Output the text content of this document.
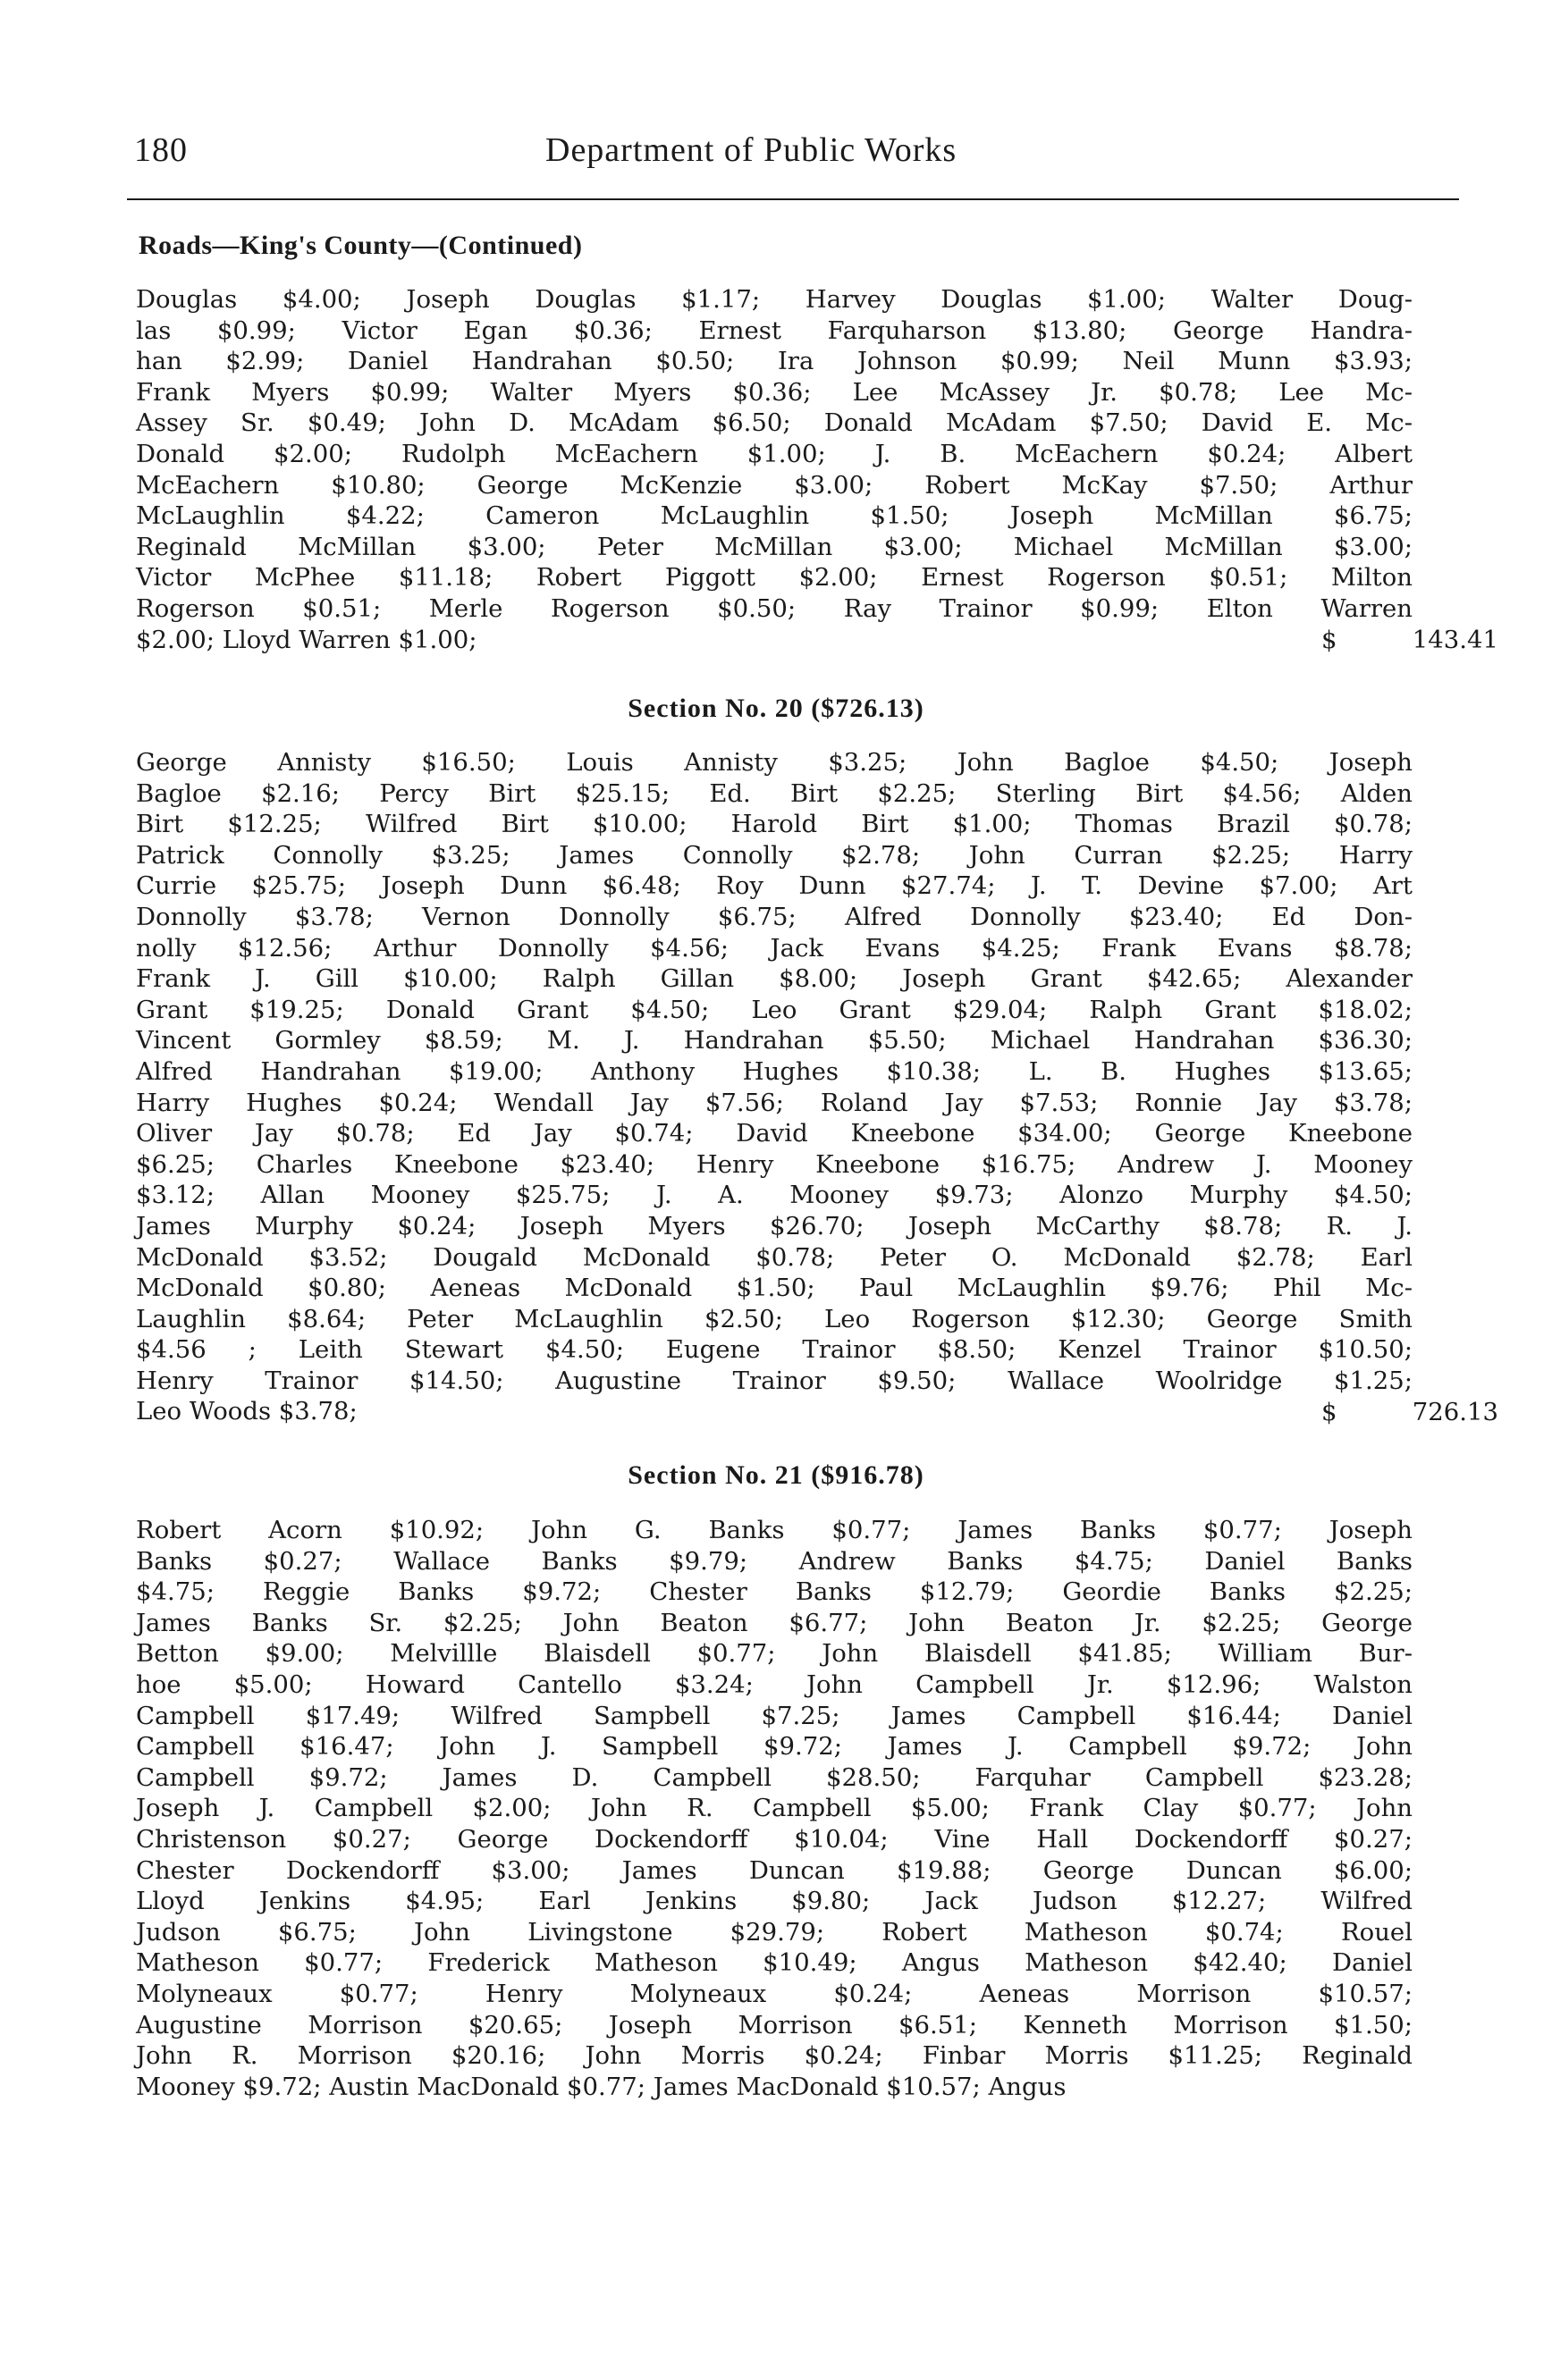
180	Department of Public Works
Roads—King's County—(Continued)
Douglas $4.00; Joseph Douglas $1.17; Harvey Douglas $1.00; Walter Doug-
las $0.99; Victor Egan $0.36; Ernest Farquharson $13.80; George Handra-
han $2.99; Daniel Handrahan $0.50; Ira Johnson $0.99; Neil Munn $3.93;
Frank Myers $0.99; Walter Myers $0.36; Lee McAssey Jr. $0.78; Lee Mc-
Assey Sr. $0.49; John D. McAdam $6.50; Donald McAdam $7.50; David E. Mc-
Donald $2.00; Rudolph McEachern $1.00; J. B. McEachern $0.24; Albert
McEachern $10.80; George McKenzie $3.00; Robert McKay $7.50; Arthur
McLaughlin $4.22; Cameron McLaughlin $1.50; Joseph McMillan $6.75;
Reginald McMillan $3.00; Peter McMillan $3.00; Michael McMillan $3.00;
Victor McPhee $11.18; Robert Piggott $2.00; Ernest Rogerson $0.51; Milton
Rogerson $0.51; Merle Rogerson $0.50; Ray Trainor $0.99; Elton Warren
$2.00; Lloyd Warren $1.00;	$	143.41
Section No. 20 ($726.13)
George Annisty $16.50; Louis Annisty $3.25; John Bagloe $4.50; Joseph
Bagloe $2.16; Percy Birt $25.15; Ed. Birt $2.25; Sterling Birt $4.56; Alden
Birt $12.25; Wilfred Birt $10.00; Harold Birt $1.00; Thomas Brazil $0.78;
Patrick Connolly $3.25; James Connolly $2.78; John Curran $2.25; Harry
Currie $25.75; Joseph Dunn $6.48; Roy Dunn $27.74; J. T. Devine $7.00; Art
Donnolly $3.78; Vernon Donnolly $6.75; Alfred Donnolly $23.40; Ed Don-
nolly $12.56; Arthur Donnolly $4.56; Jack Evans $4.25; Frank Evans $8.78;
Frank J. Gill $10.00; Ralph Gillan $8.00; Joseph Grant $42.65; Alexander
Grant $19.25; Donald Grant $4.50; Leo Grant $29.04; Ralph Grant $18.02;
Vincent Gormley $8.59; M. J. Handrahan $5.50; Michael Handrahan $36.30;
Alfred Handrahan $19.00; Anthony Hughes $10.38; L. B. Hughes $13.65;
Harry Hughes $0.24; Wendall Jay $7.56; Roland Jay $7.53; Ronnie Jay $3.78;
Oliver Jay $0.78; Ed Jay $0.74; David Kneebone $34.00; George Kneebone
$6.25; Charles Kneebone $23.40; Henry Kneebone $16.75; Andrew J. Mooney
$3.12; Allan Mooney $25.75; J. A. Mooney $9.73; Alonzo Murphy $4.50;
James Murphy $0.24; Joseph Myers $26.70; Joseph McCarthy $8.78; R. J.
McDonald $3.52; Dougald McDonald $0.78; Peter O. McDonald $2.78; Earl
McDonald $0.80; Aeneas McDonald $1.50; Paul McLaughlin $9.76; Phil Mc-
Laughlin $8.64; Peter McLaughlin $2.50; Leo Rogerson $12.30; George Smith
$4.56 ; Leith Stewart $4.50; Eugene Trainor $8.50; Kenzel Trainor $10.50;
Henry Trainor $14.50; Augustine Trainor $9.50; Wallace Woolridge $1.25;
Leo Woods $3.78;	$	726.13
Section No. 21 ($916.78)
Robert Acorn $10.92; John G. Banks $0.77; James Banks $0.77; Joseph
Banks $0.27; Wallace Banks $9.79; Andrew Banks $4.75; Daniel Banks
$4.75; Reggie Banks $9.72; Chester Banks $12.79; Geordie Banks $2.25;
James Banks Sr. $2.25; John Beaton $6.77; John Beaton Jr. $2.25; George
Betton $9.00; Melvillle Blaisdell $0.77; John Blaisdell $41.85; William Bur-
hoe $5.00; Howard Cantello $3.24; John Campbell Jr. $12.96; Walston
Campbell $17.49; Wilfred Sampbell $7.25; James Campbell $16.44; Daniel
Campbell $16.47; John J. Sampbell $9.72; James J. Campbell $9.72; John
Campbell $9.72; James D. Campbell $28.50; Farquhar Campbell $23.28;
Joseph J. Campbell $2.00; John R. Campbell $5.00; Frank Clay $0.77; John
Christenson $0.27; George Dockendorff $10.04; Vine Hall Dockendorff $0.27;
Chester Dockendorff $3.00; James Duncan $19.88; George Duncan $6.00;
Lloyd Jenkins $4.95; Earl Jenkins $9.80; Jack Judson $12.27; Wilfred
Judson $6.75; John Livingstone $29.79; Robert Matheson $0.74; Rouel
Matheson $0.77; Frederick Matheson $10.49; Angus Matheson $42.40; Daniel
Molyneaux $0.77; Henry Molyneaux $0.24; Aeneas Morrison $10.57;
Augustine Morrison $20.65; Joseph Morrison $6.51; Kenneth Morrison $1.50;
John R. Morrison $20.16; John Morris $0.24; Finbar Morris $11.25; Reginald
Mooney $9.72; Austin MacDonald $0.77; James MacDonald $10.57; Angus
